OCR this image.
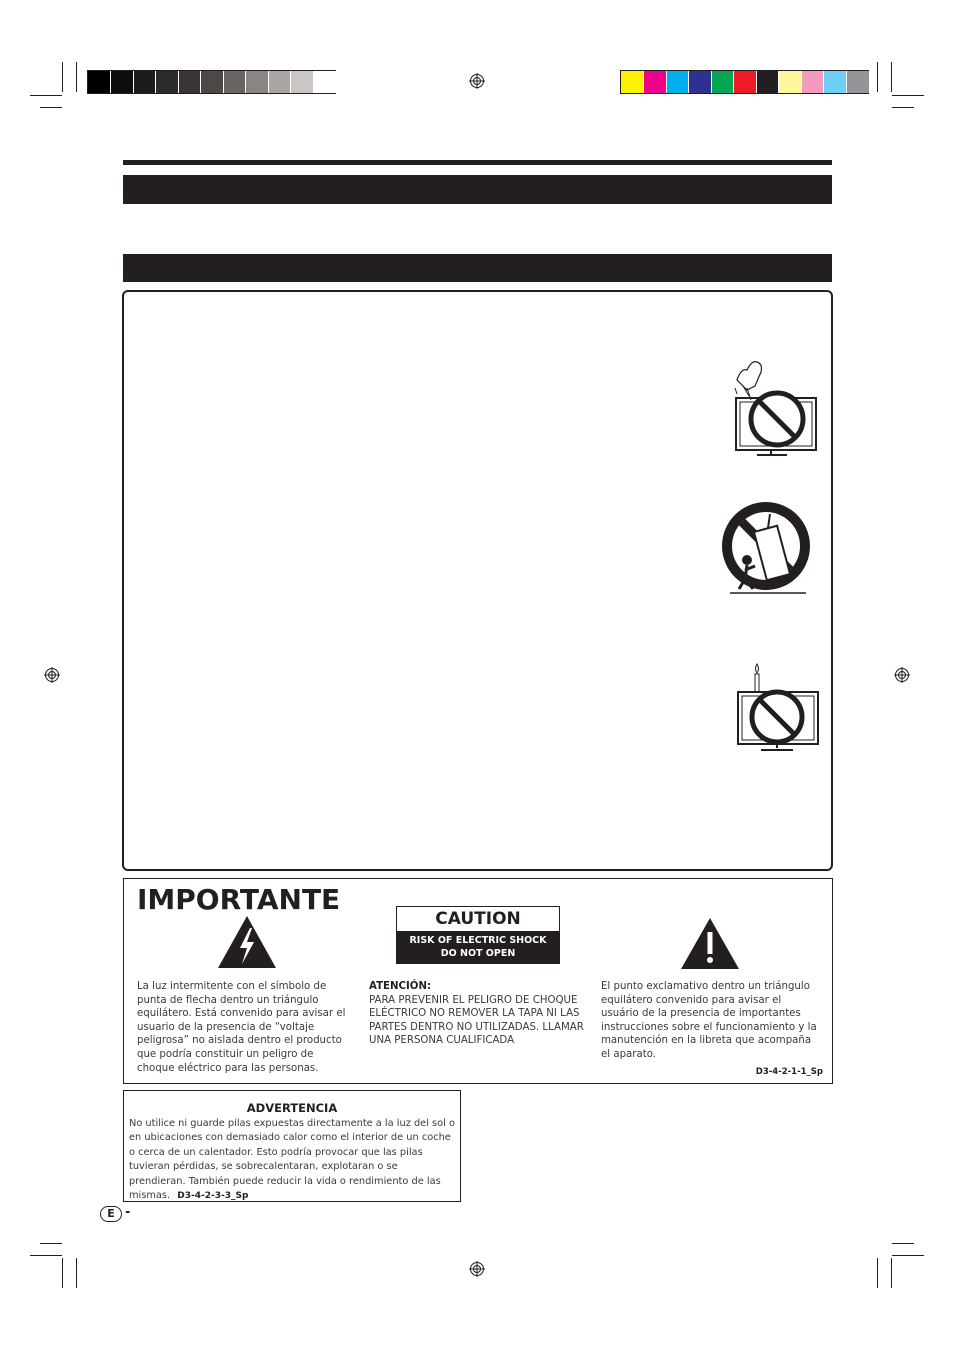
IMPORTANTE
La luz intermitente con el símbolo de punta de flecha dentro un triángulo equilátero. Está convenido para avisar el usuario de la presencia de “voltaje peligrosa” no aislada dentro el producto que podría constituir un peligro de choque eléctrico para las personas.
CAUTION
RISK OF ELECTRIC SHOCK
DO NOT OPEN
ATENCIÓN:
PARA PREVENIR EL PELIGRO DE CHOQUE ELÉCTRICO NO REMOVER LA TAPA NI LAS PARTES DENTRO NO UTILIZADAS. LLAMAR UNA PERSONA CUALIFICADA
El punto exclamativo dentro un triángulo equilátero convenido para avisar el usuário de la presencia de importantes instrucciones sobre el funcionamiento y la manutención en la libreta que acompaña el aparato.
D3-4-2-1-1_Sp
ADVERTENCIA
No utilice ni guarde pilas expuestas directamente a la luz del sol o en ubicaciones con demasiado calor como el interior de un coche o cerca de un calentador. Esto podría provocar que las pilas tuvieran pérdidas, se sobrecalentaran, explotaran o se prendieran. También puede reducir la vida o rendimiento de las mismas. D3-4-2-3-3_Sp
E -
